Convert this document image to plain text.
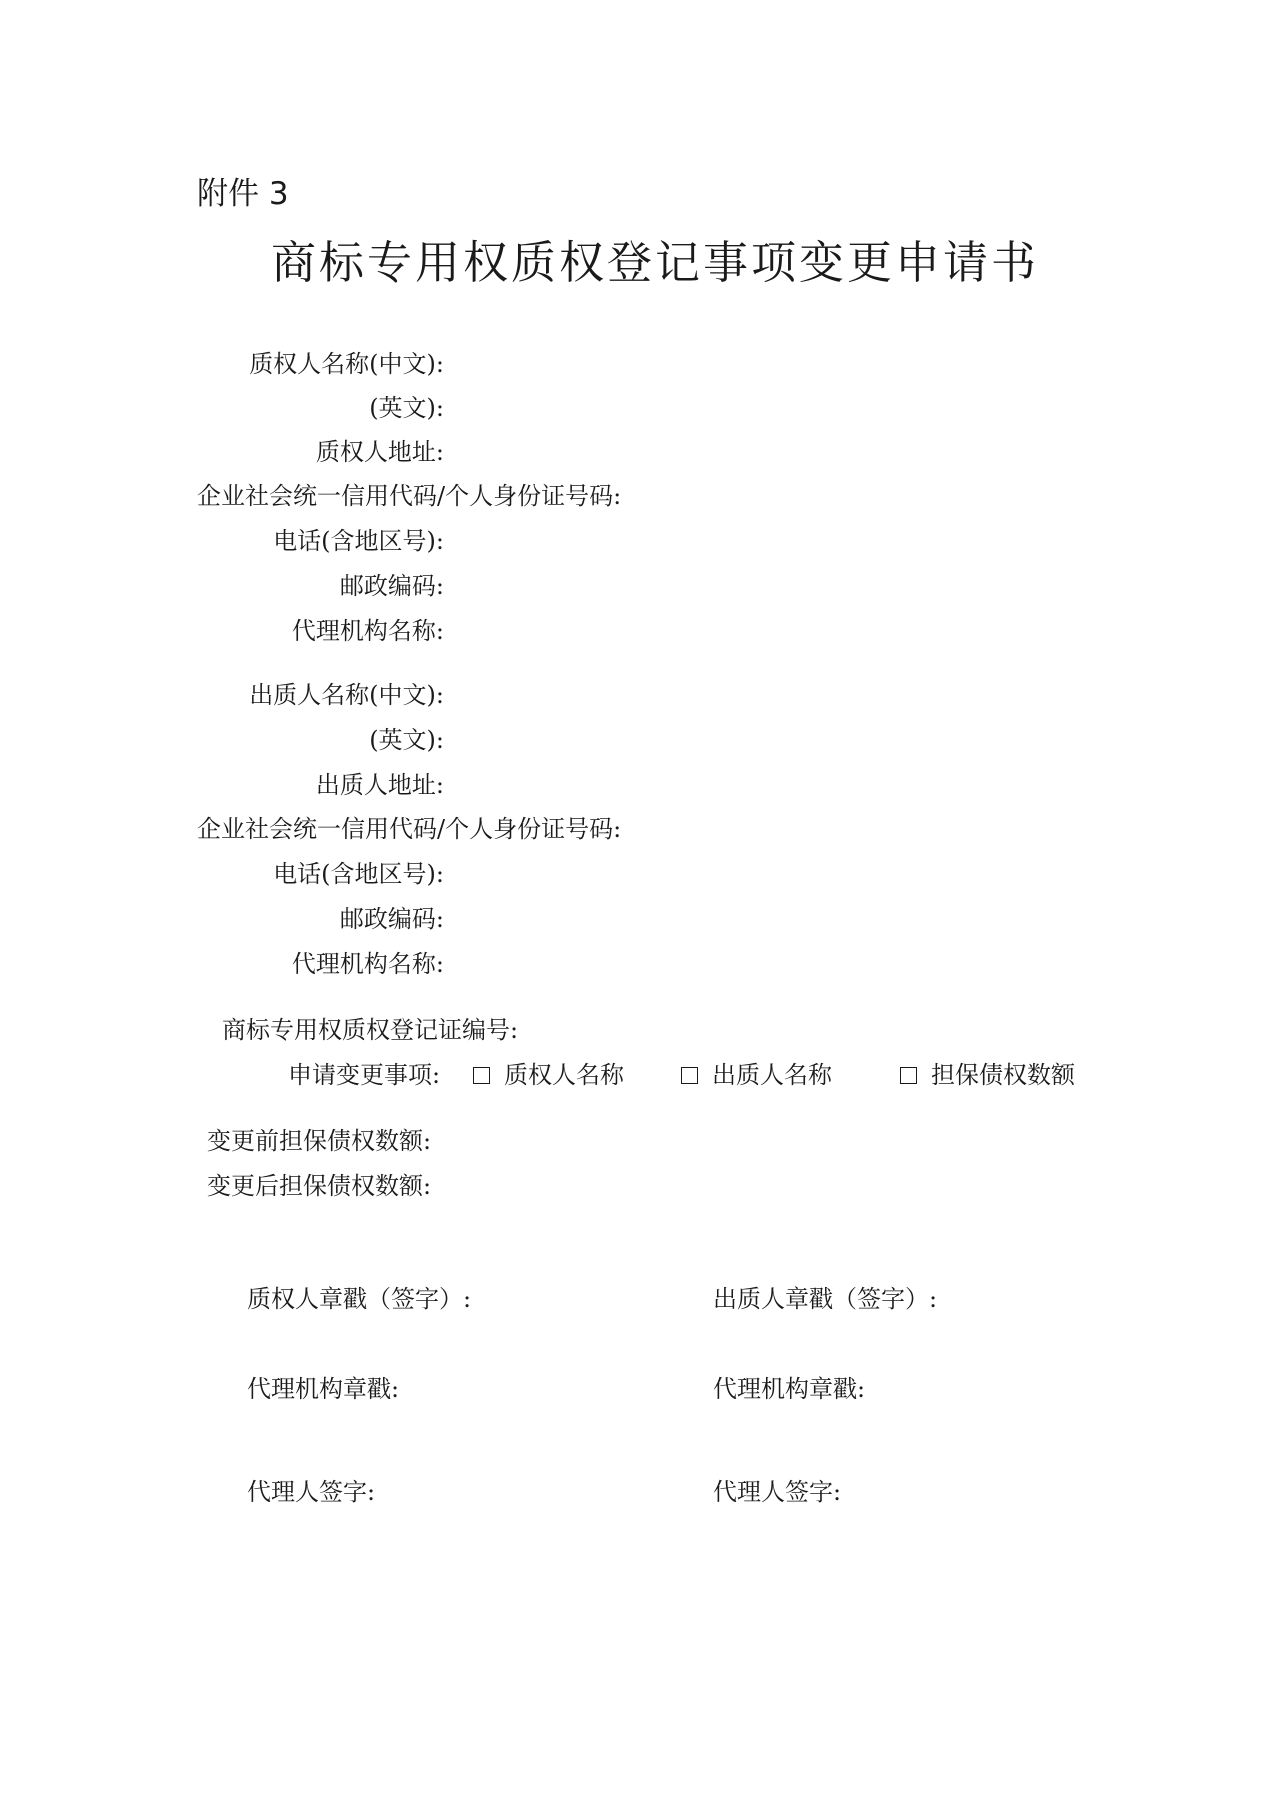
附件 3
商标专用权质权登记事项变更申请书
质权人名称(中文):
(英文):
质权人地址:
企业社会统一信用代码/个人身份证号码:
电话(含地区号):
邮政编码:
代理机构名称:
出质人名称(中文):
(英文):
出质人地址:
企业社会统一信用代码/个人身份证号码:
电话(含地区号):
邮政编码:
代理机构名称:
商标专用权质权登记证编号:
申请变更事项:	质权人名称	出质人名称	担保债权数额
变更前担保债权数额:
变更后担保债权数额:
质权人章戳（签字）:	出质人章戳（签字）:
代理机构章戳:	代理机构章戳:
代理人签字:	代理人签字:
